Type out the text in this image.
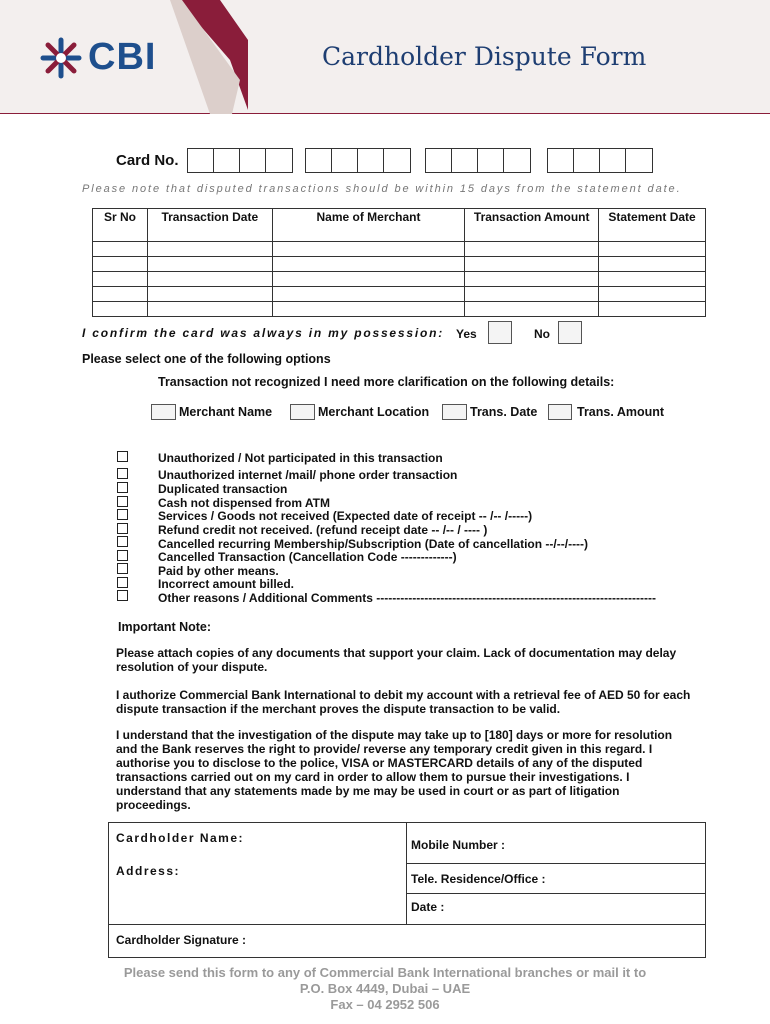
CBI	Cardholder Dispute Form
Card No.
Please note that disputed transactions should be within 15 days from the statement date.
Sr No	Transaction Date	Name of Merchant	Transaction Amount	Statement Date

I confirm the card was always in my possession: Yes	No
Please select one of the following options
Transaction not recognized I need more clarification on the following details:
Merchant Name	Merchant Location	Trans. Date	Trans. Amount
Unauthorized / Not participated in this transaction
Unauthorized internet /mail/ phone order transaction
Duplicated transaction
Cash not dispensed from ATM
Services / Goods not received (Expected date of receipt -- /-- /-----)
Refund credit not received. (refund receipt date -- /-- / ---- )
Cancelled recurring Membership/Subscription (Date of cancellation --/--/----)
Cancelled Transaction (Cancellation Code -------------)
Paid by other means.
Incorrect amount billed.
Other reasons / Additional Comments ----------------------------------------------------------------------
Important Note:
Please attach copies of any documents that support your claim. Lack of documentation may delay resolution of your dispute.
I authorize Commercial Bank International to debit my account with a retrieval fee of AED 50 for each dispute transaction if the merchant proves the dispute transaction to be valid.
I understand that the investigation of the dispute may take up to [180] days or more for resolution and the Bank reserves the right to provide/ reverse any temporary credit given in this regard. I authorise you to disclose to the police, VISA or MASTERCARD details of any of the disputed transactions carried out on my card in order to allow them to pursue their investigations. I understand that any statements made by me may be used in court or as part of litigation proceedings.
Cardholder Name:
Address:
Mobile Number :
Tele. Residence/Office :
Date :
Cardholder Signature :
Please send this form to any of Commercial Bank International branches or mail it to
P.O. Box 4449, Dubai – UAE
Fax – 04 2952 506
